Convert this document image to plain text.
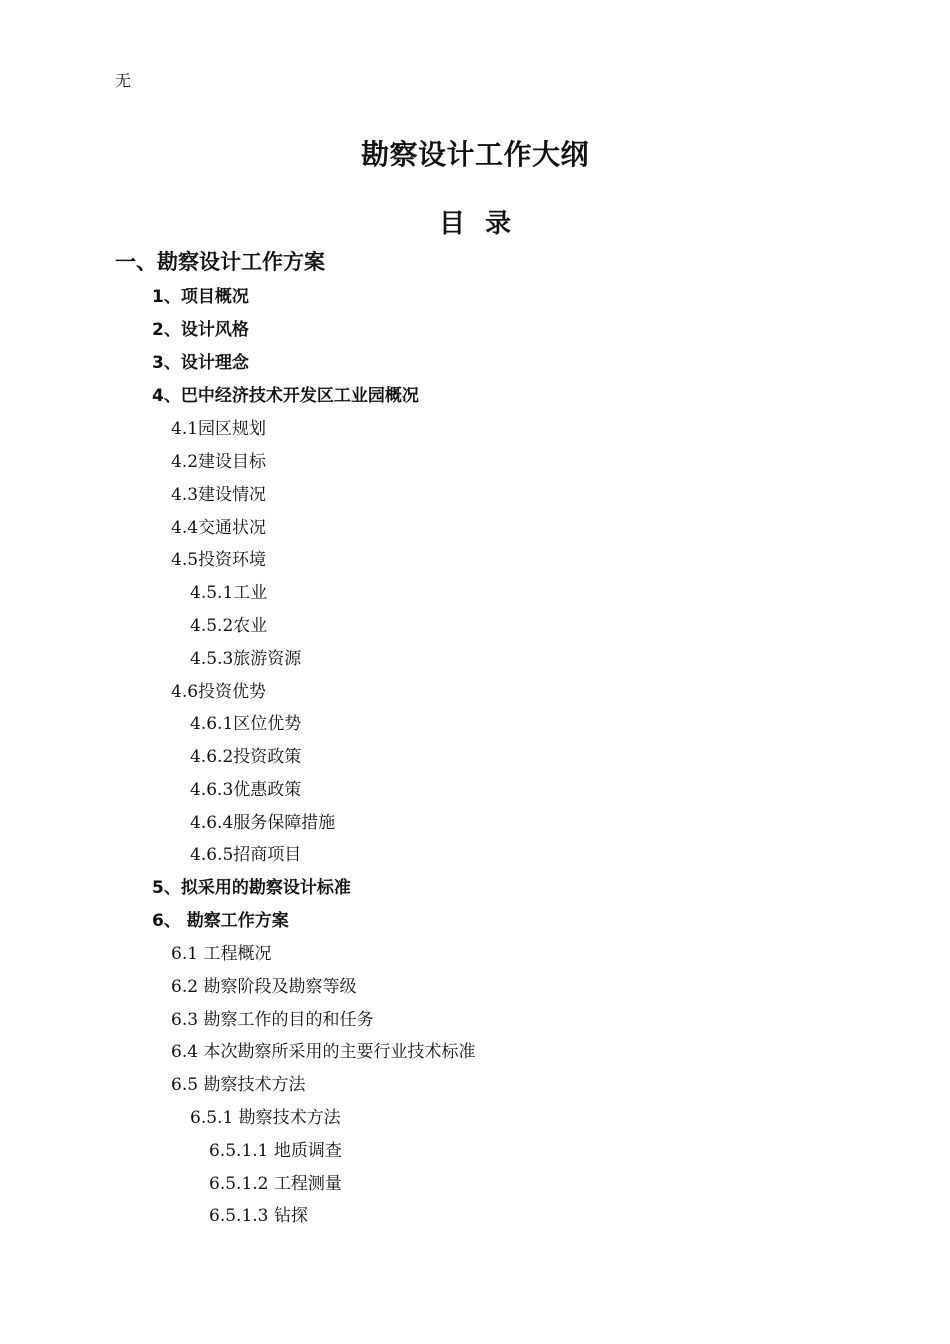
无
勘察设计工作大纲
目 录
一、勘察设计工作方案
1、项目概况
2、设计风格
3、设计理念
4、巴中经济技术开发区工业园概况
4.1园区规划
4.2建设目标
4.3建设情况
4.4交通状况
4.5投资环境
4.5.1工业
4.5.2农业
4.5.3旅游资源
4.6投资优势
4.6.1区位优势
4.6.2投资政策
4.6.3优惠政策
4.6.4服务保障措施
4.6.5招商项目
5、拟采用的勘察设计标准
6、 勘察工作方案
6.1 工程概况
6.2 勘察阶段及勘察等级
6.3 勘察工作的目的和任务
6.4 本次勘察所采用的主要行业技术标准
6.5 勘察技术方法
6.5.1 勘察技术方法
6.5.1.1 地质调查
6.5.1.2 工程测量
6.5.1.3 钻探
